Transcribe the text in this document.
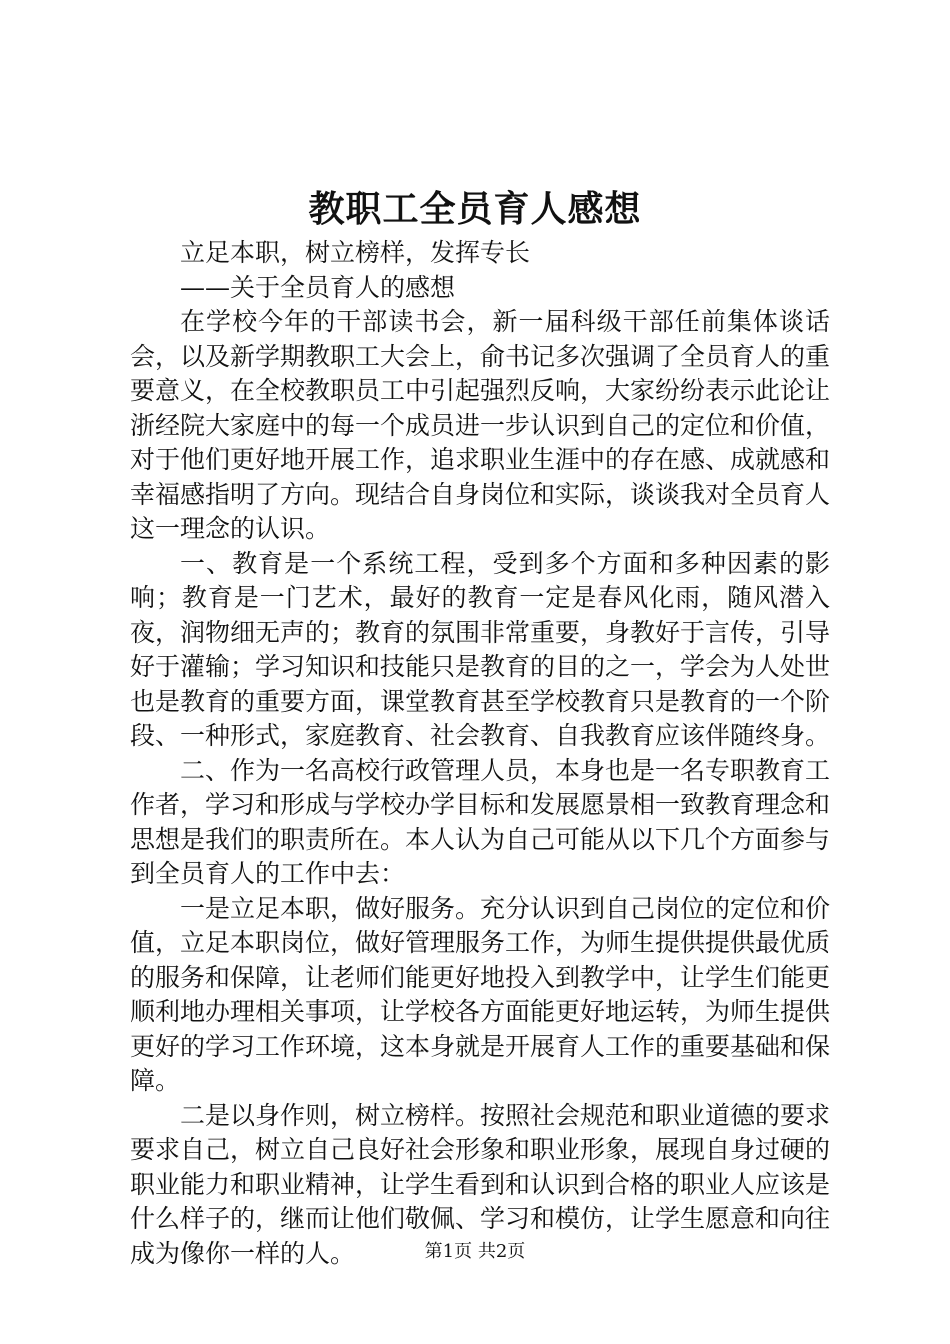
教职工全员育人感想

立足本职，树立榜样，发挥专长

——关于全员育人的感想

在学校今年的干部读书会，新一届科级干部任前集体谈话会，以及新学期教职工大会上，俞书记多次强调了全员育人的重要意义，在全校教职员工中引起强烈反响，大家纷纷表示此论让浙经院大家庭中的每一个成员进一步认识到自己的定位和价值，对于他们更好地开展工作，追求职业生涯中的存在感、成就感和幸福感指明了方向。现结合自身岗位和实际，谈谈我对全员育人这一理念的认识。

一、教育是一个系统工程，受到多个方面和多种因素的影响；教育是一门艺术，最好的教育一定是春风化雨，随风潜入夜，润物细无声的；教育的氛围非常重要，身教好于言传，引导好于灌输；学习知识和技能只是教育的目的之一，学会为人处世也是教育的重要方面，课堂教育甚至学校教育只是教育的一个阶段、一种形式，家庭教育、社会教育、自我教育应该伴随终身。

二、作为一名高校行政管理人员，本身也是一名专职教育工作者，学习和形成与学校办学目标和发展愿景相一致教育理念和思想是我们的职责所在。本人认为自己可能从以下几个方面参与到全员育人的工作中去：

一是立足本职，做好服务。充分认识到自己岗位的定位和价值，立足本职岗位，做好管理服务工作，为师生提供提供最优质的服务和保障，让老师们能更好地投入到教学中，让学生们能更顺利地办理相关事项，让学校各方面能更好地运转，为师生提供更好的学习工作环境，这本身就是开展育人工作的重要基础和保障。

二是以身作则，树立榜样。按照社会规范和职业道德的要求要求自己，树立自己良好社会形象和职业形象，展现自身过硬的职业能力和职业精神，让学生看到和认识到合格的职业人应该是什么样子的，继而让他们敬佩、学习和模仿，让学生愿意和向往成为像你一样的人。	第1页 共2页
